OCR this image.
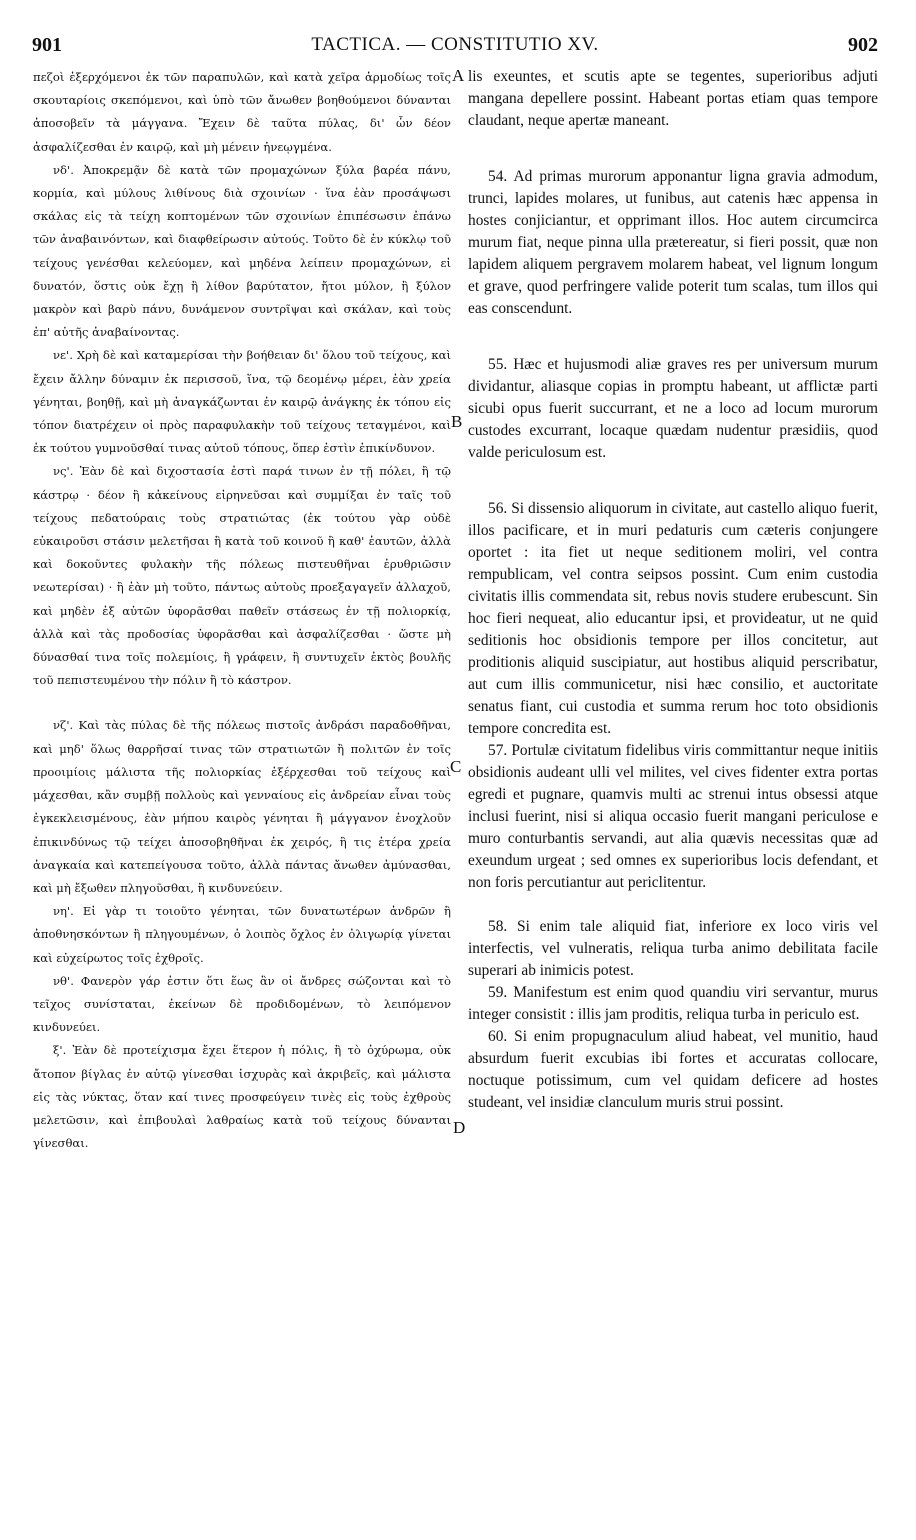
901	TACTICA. — CONSTITUTIO XV.	902
A
B
C
D
πεζοὶ ἐξερχόμενοι ἐκ τῶν παραπυλῶν, καὶ κατὰ χεῖρα ἁρμοδίως τοῖς σκουταρίοις σκεπόμενοι, καὶ ὑπὸ τῶν ἄνωθεν βοηθούμενοι δύνανται ἀποσοβεῖν τὰ μάγγανα. Ἔχειν δὲ ταῦτα πύλας, δι' ὧν δέον ἀσφαλίζεσθαι ἐν καιρῷ, καὶ μὴ μένειν ἠνεῳγμένα.
νδ'. Ἀποκρεμᾷν δὲ κατὰ τῶν προμαχώνων ξύλα βαρέα πάνυ, κορμία, καὶ μύλους λιθίνους διὰ σχοινίων · ἵνα ἐὰν προσάψωσι σκάλας εἰς τὰ τείχη κοπτομένων τῶν σχοινίων ἐπιπέσωσιν ἐπάνω τῶν ἀναβαινόντων, καὶ διαφθείρωσιν αὐτούς. Τοῦτο δὲ ἐν κύκλῳ τοῦ τείχους γενέσθαι κελεύομεν, καὶ μηδένα λείπειν προμαχώνων, εἰ δυνατόν, ὅστις οὐκ ἔχῃ ἢ λίθον βαρύτατον, ἤτοι μύλον, ἢ ξύλον μακρὸν καὶ βαρὺ πάνυ, δυνάμενον συντρῖψαι καὶ σκάλαν, καὶ τοὺς ἐπ' αὐτῆς ἀναβαίνοντας.
νε'. Χρὴ δὲ καὶ καταμερίσαι τὴν βοήθειαν δι' ὅλου τοῦ τείχους, καὶ ἔχειν ἄλλην δύναμιν ἐκ περισσοῦ, ἵνα, τῷ δεομένῳ μέρει, ἐὰν χρεία γένηται, βοηθῇ, καὶ μὴ ἀναγκάζωνται ἐν καιρῷ ἀνάγκης ἐκ τόπου εἰς τόπον διατρέχειν οἱ πρὸς παραφυλακὴν τοῦ τείχους τεταγμένοι, καὶ ἐκ τούτου γυμνοῦσθαί τινας αὐτοῦ τόπους, ὅπερ ἐστὶν ἐπικίνδυνον.
νς'. Ἐὰν δὲ καὶ διχοστασία ἐστὶ παρά τινων ἐν τῇ πόλει, ἢ τῷ κάστρῳ · δέον ἢ κἀκείνους εἰρηνεῦσαι καὶ συμμίξαι ἐν ταῖς τοῦ τείχους πεδατούραις τοὺς στρατιώτας (ἐκ τούτου γὰρ οὐδὲ εὐκαιροῦσι στάσιν μελετῆσαι ἢ κατὰ τοῦ κοινοῦ ἢ καθ' ἑαυτῶν, ἀλλὰ καὶ δοκοῦντες φυλακὴν τῆς πόλεως πιστευθῆναι ἐρυθριῶσιν νεωτερίσαι) · ἢ ἐὰν μὴ τοῦτο, πάντως αὐτοὺς προεξαγαγεῖν ἀλλαχοῦ, καὶ μηδὲν ἐξ αὐτῶν ὑφορᾶσθαι παθεῖν στάσεως ἐν τῇ πολιορκίᾳ, ἀλλὰ καὶ τὰς προδοσίας ὑφορᾶσθαι καὶ ἀσφαλίζεσθαι · ὥστε μὴ δύνασθαί τινα τοῖς πολεμίοις, ἢ γράφειν, ἢ συντυχεῖν ἐκτὸς βουλῆς τοῦ πεπιστευμένου τὴν πόλιν ἢ τὸ κάστρον.
νζ'. Καὶ τὰς πύλας δὲ τῆς πόλεως πιστοῖς ἀνδράσι παραδοθῆναι, καὶ μηδ' ὅλως θαρρῆσαί τινας τῶν στρατιωτῶν ἢ πολιτῶν ἐν τοῖς προοιμίοις μάλιστα τῆς πολιορκίας ἐξέρχεσθαι τοῦ τείχους καὶ μάχεσθαι, κἂν συμβῇ πολλοὺς καὶ γενναίους εἰς ἀνδρείαν εἶναι τοὺς ἐγκεκλεισμένους, ἐὰν μήπου καιρὸς γένηται ἢ μάγγανον ἐνοχλοῦν ἐπικινδύνως τῷ τείχει ἀποσοβηθῆναι ἐκ χειρός, ἢ τις ἑτέρα χρεία ἀναγκαία καὶ κατεπείγουσα τοῦτο, ἀλλὰ πάντας ἄνωθεν ἀμύνασθαι, καὶ μὴ ἔξωθεν πληγοῦσθαι, ἢ κινδυνεύειν.
νη'. Εἰ γὰρ τι τοιοῦτο γένηται, τῶν δυνατωτέρων ἀνδρῶν ἢ ἀποθνησκόντων ἢ πληγουμένων, ὁ λοιπὸς ὄχλος ἐν ὀλιγωρίᾳ γίνεται καὶ εὐχείρωτος τοῖς ἐχθροῖς.
νθ'. Φανερὸν γάρ ἐστιν ὅτι ἕως ἂν οἱ ἄνδρες σώζονται καὶ τὸ τεῖχος συνίσταται, ἐκείνων δὲ προδιδομένων, τὸ λειπόμενον κινδυνεύει.
ξ'. Ἐὰν δὲ προτείχισμα ἔχει ἕτερον ἡ πόλις, ἢ τὸ ὀχύρωμα, οὐκ ἄτοπον βίγλας ἐν αὐτῷ γίνεσθαι ἰσχυρὰς καὶ ἀκριβεῖς, καὶ μάλιστα εἰς τὰς νύκτας, ὅταν καί τινες προσφεύγειν τινὲς εἰς τοὺς ἐχθροὺς μελετῶσιν, καὶ ἐπιβουλαὶ λαθραίως κατὰ τοῦ τείχους δύνανται γίνεσθαι.
lis exeuntes, et scutis apte se tegentes, superioribus adjuti mangana depellere possint. Habeant portas etiam quas tempore claudant, neque apertæ maneant.
54. Ad primas murorum apponantur ligna gravia admodum, trunci, lapides molares, ut funibus, aut catenis hæc appensa in hostes conjiciantur, et opprimant illos. Hoc autem circumcirca murum fiat, neque pinna ulla prætereatur, si fieri possit, quæ non lapidem aliquem pergravem molarem habeat, vel lignum longum et grave, quod perfringere valide poterit tum scalas, tum illos qui eas conscendunt.
55. Hæc et hujusmodi aliæ graves res per universum murum dividantur, aliasque copias in promptu habeant, ut afflictæ parti sicubi opus fuerit succurrant, et ne a loco ad locum murorum custodes excurrant, locaque quædam nudentur præsidiis, quod valde periculosum est.
56. Si dissensio aliquorum in civitate, aut castello aliquo fuerit, illos pacificare, et in muri pedaturis cum cæteris conjungere oportet : ita fiet ut neque seditionem moliri, vel contra rempublicam, vel contra seipsos possint. Cum enim custodia civitatis illis commendata sit, rebus novis studere erubescunt. Sin hoc fieri nequeat, alio educantur ipsi, et provideatur, ut ne quid seditionis hoc obsidionis tempore per illos concitetur, aut proditionis aliquid suscipiatur, aut hostibus aliquid perscribatur, aut cum illis communicetur, nisi hæc consilio, et auctoritate senatus fiant, cui custodia et summa rerum hoc toto obsidionis tempore concredita est.
57. Portulæ civitatum fidelibus viris committantur neque initiis obsidionis audeant ulli vel milites, vel cives fidenter extra portas egredi et pugnare, quamvis multi ac strenui intus obsessi atque inclusi fuerint, nisi si aliqua occasio fuerit mangani periculose e muro conturbantis servandi, aut alia quævis necessitas quæ ad exeundum urgeat ; sed omnes ex superioribus locis defendant, et non foris percutiantur aut periclitentur.
58. Si enim tale aliquid fiat, inferiore ex loco viris vel interfectis, vel vulneratis, reliqua turba animo debilitata facile superari ab inimicis potest.
59. Manifestum est enim quod quandiu viri servantur, murus integer consistit : illis jam proditis, reliqua turba in periculo est.
60. Si enim propugnaculum aliud habeat, vel munitio, haud absurdum fuerit excubias ibi fortes et accuratas collocare, noctuque potissimum, cum vel quidam deficere ad hostes studeant, vel insidiæ clanculum muris strui possint.
